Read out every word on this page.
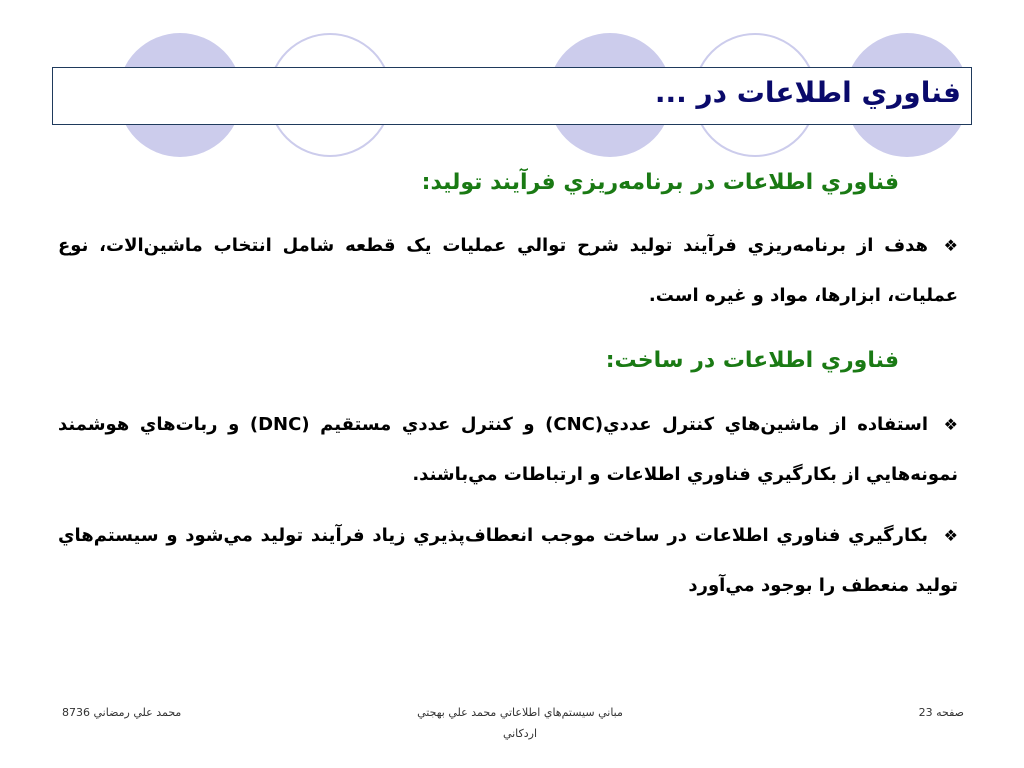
فناوري اطلاعات در ...
فناوري اطلاعات در برنامه‌ريزي فرآيند توليد:
❖هدف از برنامه‌ريزي فرآيند توليد شرح توالي عمليات يک قطعه شامل انتخاب ماشين‌الات، نوع عمليات، ابزارها، مواد و غيره است.
فناوري اطلاعات در ساخت:
❖استفاده از ماشين‌هاي کنترل عددي(CNC) و کنترل عددي مستقيم (DNC) و ربات‌هاي هوشمند نمونه‌هايي از بکارگيري فناوري اطلاعات و ارتباطات مي‌باشند.
❖بکارگيري فناوري اطلاعات در ساخت موجب انعطاف‌پذيري زياد فرآيند توليد مي‌شود و سيستم‌هاي توليد منعطف را بوجود مي‌آورد
صفحه 23
مباني سيستم‌هاي اطلاعاتي محمد علي بهجتي
اردکاني
محمد علي رمضاني 8736
